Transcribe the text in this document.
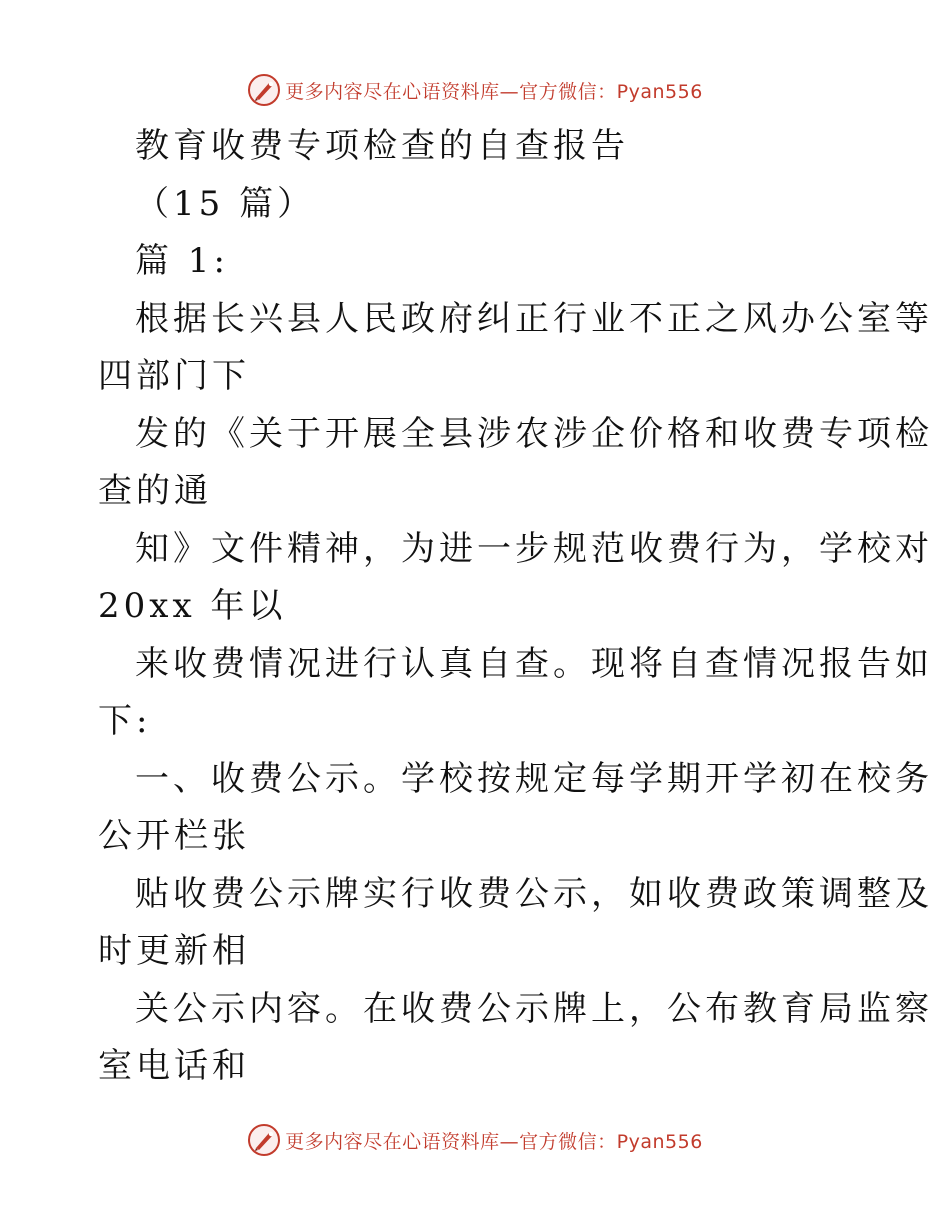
更多内容尽在心语资料库—官方微信：Pyan556
教育收费专项检查的自查报告
（15 篇）
篇 1:
根据长兴县人民政府纠正行业不正之风办公室等
四部门下
发的《关于开展全县涉农涉企价格和收费专项检
查的通
知》文件精神，为进一步规范收费行为，学校对
20xx 年以
来收费情况进行认真自查。现将自查情况报告如
下:
一、收费公示。学校按规定每学期开学初在校务
公开栏张
贴收费公示牌实行收费公示，如收费政策调整及
时更新相
关公示内容。在收费公示牌上，公布教育局监察
室电话和
更多内容尽在心语资料库—官方微信：Pyan556
